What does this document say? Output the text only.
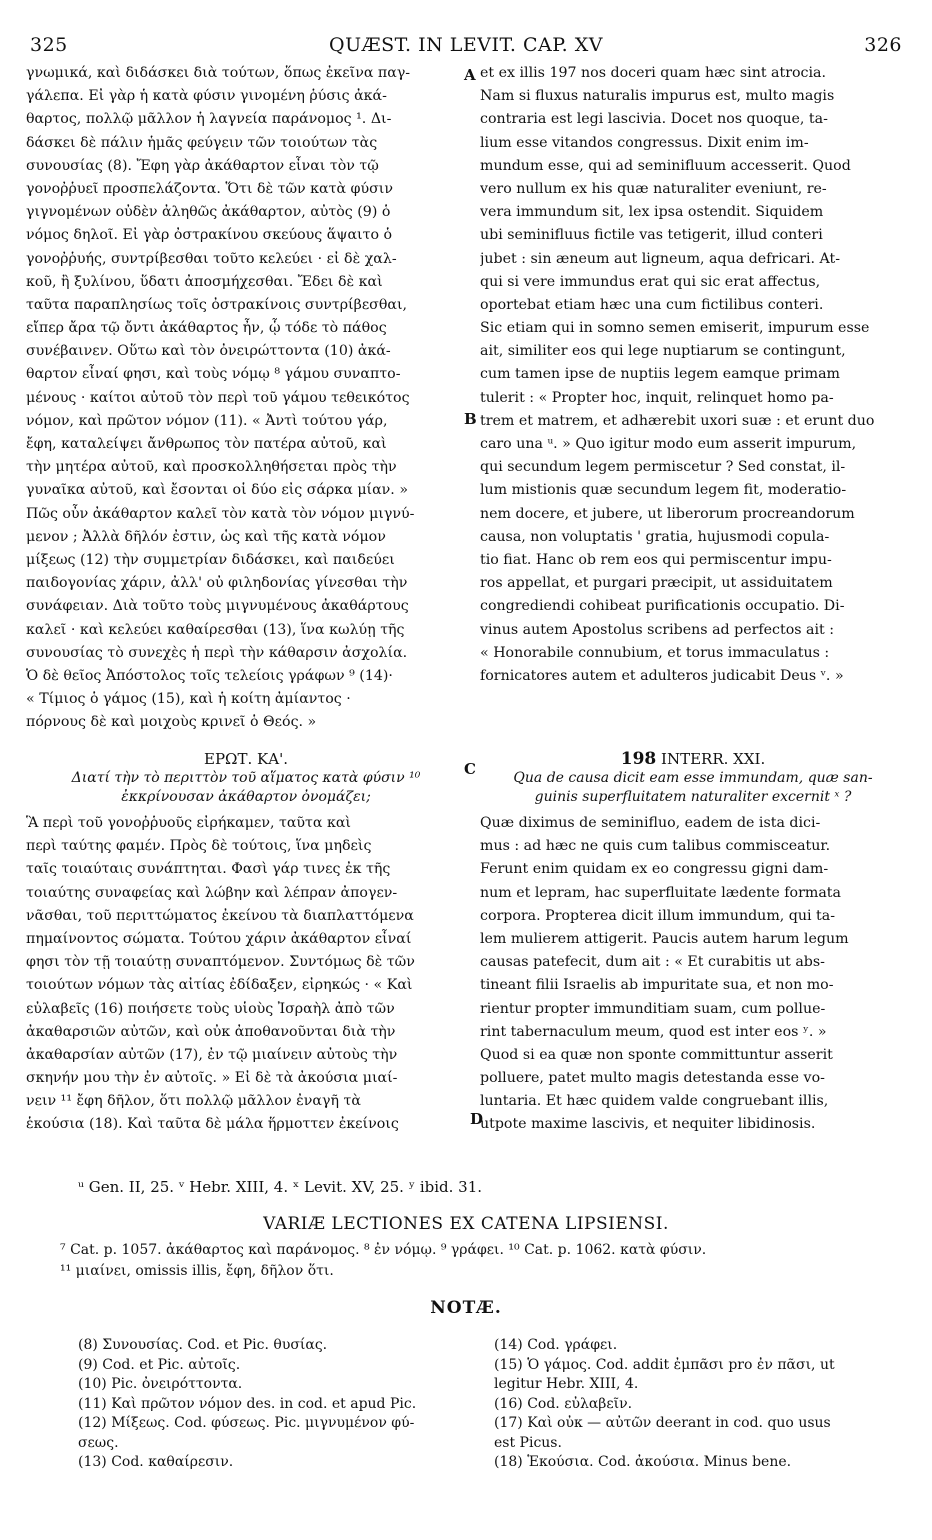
325	QUÆST. IN LEVIT. CAP. XV	326
γνωμικά, καὶ διδάσκει διὰ τούτων, ὅπως ἐκεῖνα παγ-
γάλεπα. Εἰ γὰρ ἡ κατὰ φύσιν γινομένη ῥύσις ἀκά-
θαρτος, πολλῷ μᾶλλον ἡ λαγνεία παράνομος ¹. Δι-
δάσκει δὲ πάλιν ἡμᾶς φεύγειν τῶν τοιούτων τὰς
συνουσίας (8). Ἔφη γὰρ ἀκάθαρτον εἶναι τὸν τῷ
γονοῤῥυεῖ προσπελάζοντα. Ὅτι δὲ τῶν κατὰ φύσιν
γιγνομένων οὐδὲν ἀληθῶς ἀκάθαρτον, αὐτὸς (9) ὁ
νόμος δηλοῖ. Εἰ γὰρ ὀστρακίνου σκεύους ἅψαιτο ὁ
γονοῤῥυής, συντρίβεσθαι τοῦτο κελεύει · εἰ δὲ χαλ-
κοῦ, ἢ ξυλίνου, ὕδατι ἀποσμήχεσθαι. Ἔδει δὲ καὶ
ταῦτα παραπλησίως τοῖς ὀστρακίνοις συντρίβεσθαι,
εἴπερ ἄρα τῷ ὄντι ἀκάθαρτος ἦν, ᾧ τόδε τὸ πάθος
συνέβαινεν. Οὕτω καὶ τὸν ὀνειρώττοντα (10) ἀκά-
θαρτον εἶναί φησι, καὶ τοὺς νόμῳ ⁸ γάμου συναπτο-
μένους · καίτοι αὐτοῦ τὸν περὶ τοῦ γάμου τεθεικότος
νόμον, καὶ πρῶτον νόμον (11). « Ἀντὶ τούτου γάρ,
ἔφη, καταλείψει ἄνθρωπος τὸν πατέρα αὐτοῦ, καὶ
τὴν μητέρα αὐτοῦ, καὶ προσκολληθήσεται πρὸς τὴν
γυναῖκα αὐτοῦ, καὶ ἔσονται οἱ δύο εἰς σάρκα μίαν. »
Πῶς οὖν ἀκάθαρτον καλεῖ τὸν κατὰ τὸν νόμον μιγνύ-
μενον ; Ἀλλὰ δῆλόν ἐστιν, ὡς καὶ τῆς κατὰ νόμον
μίξεως (12) τὴν συμμετρίαν διδάσκει, καὶ παιδεύει
παιδογονίας χάριν, ἀλλ' οὐ φιληδονίας γίνεσθαι τὴν
συνάφειαν. Διὰ τοῦτο τοὺς μιγνυμένους ἀκαθάρτους
καλεῖ · καὶ κελεύει καθαίρεσθαι (13), ἵνα κωλύῃ τῆς
συνουσίας τὸ συνεχὲς ἡ περὶ τὴν κάθαρσιν ἀσχολία.
Ὁ δὲ θεῖος Ἀπόστολος τοῖς τελείοις γράφων ⁹ (14)·
« Τίμιος ὁ γάμος (15), καὶ ἡ κοίτη ἀμίαντος ·
πόρνους δὲ καὶ μοιχοὺς κρινεῖ ὁ Θεός. »
et ex illis 197 nos doceri quam hæc sint atrocia.
Nam si fluxus naturalis impurus est, multo magis
contraria est legi lascivia. Docet nos quoque, ta-
lium esse vitandos congressus. Dixit enim im-
mundum esse, qui ad seminifluum accesserit. Quod
vero nullum ex his quæ naturaliter eveniunt, re-
vera immundum sit, lex ipsa ostendit. Siquidem
ubi seminifluus fictile vas tetigerit, illud conteri
jubet : sin æneum aut ligneum, aqua defricari. At-
qui si vere immundus erat qui sic erat affectus,
oportebat etiam hæc una cum fictilibus conteri.
Sic etiam qui in somno semen emiserit, impurum esse
ait, similiter eos qui lege nuptiarum se contingunt,
cum tamen ipse de nuptiis legem eamque primam
tulerit : « Propter hoc, inquit, relinquet homo pa-
trem et matrem, et adhærebit uxori suæ : et erunt duo
caro una ᵘ. » Quo igitur modo eum asserit impurum,
qui secundum legem permiscetur ? Sed constat, il-
lum mistionis quæ secundum legem fit, moderatio-
nem docere, et jubere, ut liberorum procreandorum
causa, non voluptatis ' gratia, hujusmodi copula-
tio fiat. Hanc ob rem eos qui permiscentur impu-
ros appellat, et purgari præcipit, ut assiduitatem
congrediendi cohibeat purificationis occupatio. Di-
vinus autem Apostolus scribens ad perfectos ait :
« Honorabile connubium, et torus immaculatus :
fornicatores autem et adulteros judicabit Deus ᵛ. »
A
B
C
D
ΕΡΩΤ. ΚΑ'.
Διατί τὴν τὸ περιττὸν τοῦ αἵματος κατὰ φύσιν ¹⁰
ἐκκρίνουσαν ἀκάθαρτον ὀνομάζει;
198 INTERR. XXI.
Qua de causa dicit eam esse immundam, quæ san-
guinis superfluitatem naturaliter excernit ˣ ?
Ἃ περὶ τοῦ γονοῤῥυοῦς εἰρήκαμεν, ταῦτα καὶ
περὶ ταύτης φαμέν. Πρὸς δὲ τούτοις, ἵνα μηδεὶς
ταῖς τοιαύταις συνάπτηται. Φασὶ γάρ τινες ἐκ τῆς
τοιαύτης συναφείας καὶ λώβην καὶ λέπραν ἀπογεν-
νᾶσθαι, τοῦ περιττώματος ἐκείνου τὰ διαπλαττόμενα
πημαίνοντος σώματα. Τούτου χάριν ἀκάθαρτον εἶναί
φησι τὸν τῇ τοιαύτῃ συναπτόμενον. Συντόμως δὲ τῶν
τοιούτων νόμων τὰς αἰτίας ἐδίδαξεν, εἰρηκώς · « Καὶ
εὐλαβεῖς (16) ποιήσετε τοὺς υἱοὺς Ἰσραὴλ ἀπὸ τῶν
ἀκαθαρσιῶν αὐτῶν, καὶ οὐκ ἀποθανοῦνται διὰ τὴν
ἀκαθαρσίαν αὐτῶν (17), ἐν τῷ μιαίνειν αὐτοὺς τὴν
σκηνήν μου τὴν ἐν αὐτοῖς. » Εἰ δὲ τὰ ἀκούσια μιαί-
νειν ¹¹ ἔφη δῆλον, ὅτι πολλῷ μᾶλλον ἐναγῆ τὰ
ἑκούσια (18). Καὶ ταῦτα δὲ μάλα ἥρμοττεν ἐκείνοις
Quæ diximus de seminifluo, eadem de ista dici-
mus : ad hæc ne quis cum talibus commisceatur.
Ferunt enim quidam ex eo congressu gigni dam-
num et lepram, hac superfluitate lædente formata
corpora. Propterea dicit illum immundum, qui ta-
lem mulierem attigerit. Paucis autem harum legum
causas patefecit, dum ait : « Et curabitis ut abs-
tineant filii Israelis ab impuritate sua, et non mo-
rientur propter immunditiam suam, cum pollue-
rint tabernaculum meum, quod est inter eos ʸ. »
Quod si ea quæ non sponte committuntur asserit
polluere, patet multo magis detestanda esse vo-
luntaria. Et hæc quidem valde congruebant illis,
utpote maxime lascivis, et nequiter libidinosis.
ᵘ Gen. II, 25. ᵛ Hebr. XIII, 4. ˣ Levit. XV, 25. ʸ ibid. 31.
VARIÆ LECTIONES EX CATENA LIPSIENSI.
⁷ Cat. p. 1057. ἀκάθαρτος καὶ παράνομος. ⁸ ἐν νόμῳ. ⁹ γράφει. ¹⁰ Cat. p. 1062. κατὰ φύσιν.
¹¹ μιαίνει, omissis illis, ἔφη, δῆλον ὅτι.
NOTÆ.
(8) Συνουσίας. Cod. et Pic. θυσίας.
(9) Cod. et Pic. αὐτοῖς.
(10) Pic. ὀνειρόττοντα.
(11) Καὶ πρῶτον νόμον des. in cod. et apud Pic.
(12) Μίξεως. Cod. φύσεως. Pic. μιγνυμένον φύ-
σεως.
(13) Cod. καθαίρεσιν.
(14) Cod. γράφει.
(15) Ὁ γάμος. Cod. addit ἐμπᾶσι pro ἐν πᾶσι, ut
legitur Hebr. XIII, 4.
(16) Cod. εὐλαβεῖν.
(17) Καὶ οὐκ — αὐτῶν deerant in cod. quo usus
est Picus.
(18) Ἑκούσια. Cod. ἀκούσια. Minus bene.
